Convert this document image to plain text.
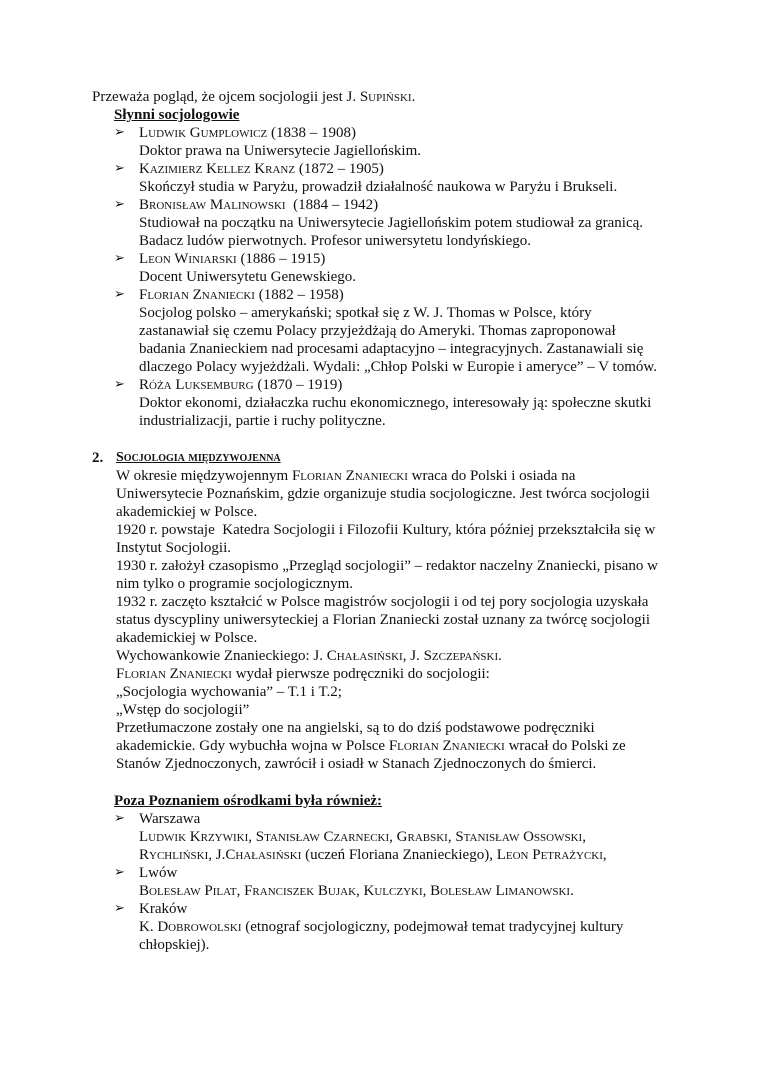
Przeważa pogląd, że ojcem socjologii jest J. Supiński.

Słynni socjologowie

➢ Ludwik Gumplowicz (1838 – 1908)
Doktor prawa na Uniwersytecie Jagiellońskim.
➢ Kazimierz Kellez Kranz (1872 – 1905)
Skończył studia w Paryżu, prowadził działalność naukowa w Paryżu i Brukseli.
➢ Bronisław Malinowski  (1884 – 1942)
Studiował na początku na Uniwersytecie Jagiellońskim potem studiował za granicą.
Badacz ludów pierwotnych. Profesor uniwersytetu londyńskiego.
➢ Leon Winiarski (1886 – 1915)
Docent Uniwersytetu Genewskiego.
➢ Florian Znaniecki (1882 – 1958)
Socjolog polsko – amerykański; spotkał się z W. J. Thomas w Polsce, który
zastanawiał się czemu Polacy przyjeżdżają do Ameryki. Thomas zaproponował
badania Znanieckiem nad procesami adaptacyjno – integracyjnych. Zastanawiali się
dlaczego Polacy wyjeżdżali. Wydali: „Chłop Polski w Europie i ameryce” – V tomów.
➢ Róża Luksemburg (1870 – 1919)
Doktor ekonomi, działaczka ruchu ekonomicznego, interesowały ją: społeczne skutki
industrializacji, partie i ruchy polityczne.
2. Socjologia międzywojenna

W okresie międzywojennym Florian Znaniecki wraca do Polski i osiada na
Uniwersytecie Poznańskim, gdzie organizuje studia socjologiczne. Jest twórca socjologii
akademickiej w Polsce.

1920 r. powstaje  Katedra Socjologii i Filozofii Kultury, która później przekształciła się w
Instytut Socjologii.

1930 r. założył czasopismo „Przegląd socjologii” – redaktor naczelny Znaniecki, pisano w
nim tylko o programie socjologicznym.

1932 r. zaczęto kształcić w Polsce magistrów socjologii i od tej pory socjologia uzyskała
status dyscypliny uniwersyteckiej a Florian Znaniecki został uznany za twórcę socjologii
akademickiej w Polsce.

Wychowankowie Znanieckiego: J. Chałasiński, J. Szczepański.

Florian Znaniecki wydał pierwsze podręczniki do socjologii:

„Socjologia wychowania” – T.1 i T.2;

„Wstęp do socjologii”

Przetłumaczone zostały one na angielski, są to do dziś podstawowe podręczniki
akademickie. Gdy wybuchła wojna w Polsce Florian Znaniecki wracał do Polski ze
Stanów Zjednoczonych, zawrócił i osiadł w Stanach Zjednoczonych do śmierci.

Poza Poznaniem ośrodkami była również:

➢ Warszawa
Ludwik Krzywiki, Stanisław Czarnecki, Grabski, Stanisław Ossowski,
Rychliński, J.Chałasiński (uczeń Floriana Znanieckiego), Leon Petrażycki,
➢ Lwów
Bolesław Pilat, Franciszek Bujak, Kulczyki, Bolesław Limanowski.
➢ Kraków
K. Dobrowolski (etnograf socjologiczny, podejmował temat tradycyjnej kultury
chłopskiej).
